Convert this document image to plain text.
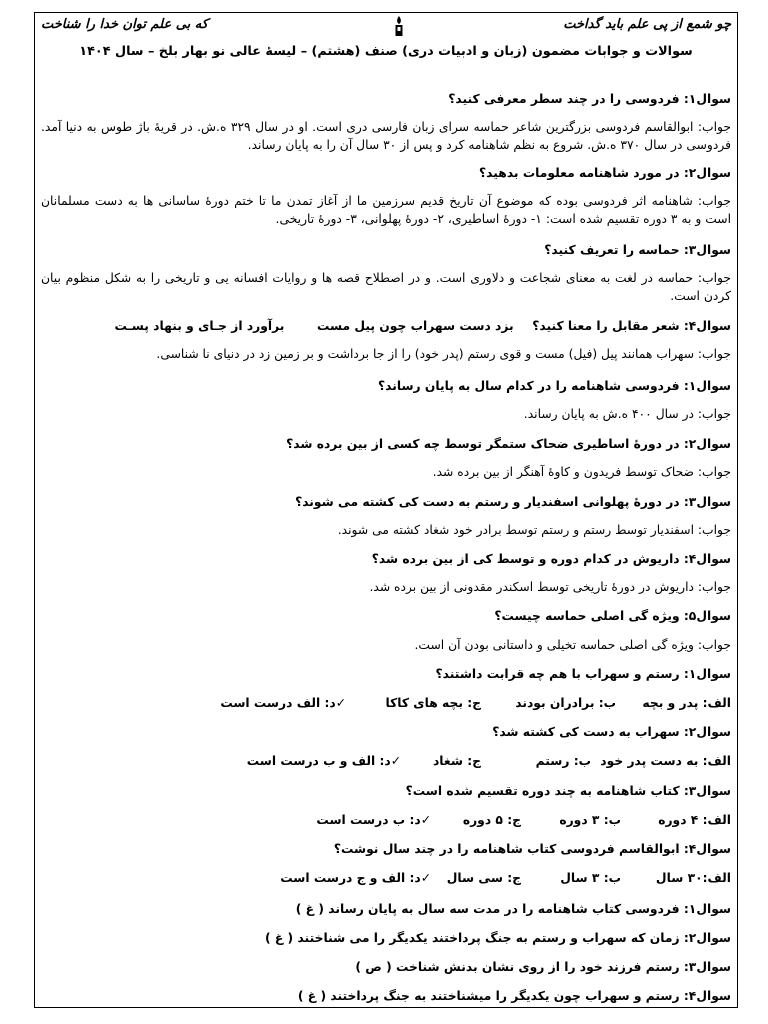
چو شمع از پی علم باید گداخت
که بی علم توان خدا را شناخت
سوالات و جوابات مضمون (زبان و ادبیات دری) صنف (هشتم) – لیسهٔ عالی نو بهار بلخ – سال ۱۴۰۴
سوال۱: فردوسی را در چند سطر معرفی کنید؟
جواب: ابوالقاسم فردوسی بزرگترین شاعر حماسه سرای زبان فارسی دری است. او در سال ۳۲۹ ه.ش. در قریۀ باژ طوس به دنیا آمد. فردوسی در سال ۳۷۰ ه.ش. شروع به نظم شاهنامه کرد و پس از ۳۰ سال آن را به پایان رساند.
سوال۲: در مورد شاهنامه معلومات بدهید؟
جواب: شاهنامه اثر فردوسی بوده که موضوع آن تاریخ قدیم سرزمین ما از آغاز تمدن ما تا ختم دورهٔ ساسانی ها به دست مسلمانان است و به ۳ دوره تقسیم شده است: ۱- دورهٔ اساطیری، ۲- دورهٔ پهلوانی، ۳- دورهٔ تاریخی.
سوال۳: حماسه را تعریف کنید؟
جواب: حماسه در لغت به معنای شجاعت و دلاوری است. و در اصطلاح قصه ها و روایات افسانه یی و تاریخی را به شکل منظوم بیان کردن است.
سوال۴: شعر مقابل را معنا کنید؟  بزد دست سهراب چون پیل مست  برآورد از جـای و بنهاد پسـت
جواب: سهراب همانند پیل (فیل) مست و قوی رستم (پدر خود) را از جا برداشت و بر زمین زد در دنیای نا شناسی.
سوال۱: فردوسی شاهنامه را در کدام سال به پایان رساند؟
جواب: در سال ۴۰۰ ه.ش به پایان رساند.
سوال۲: در دورهٔ اساطیری ضحاک ستمگر توسط چه کسی از بین برده شد؟
جواب: ضحاک توسط فریدون و کاوهٔ آهنگر از بین برده شد.
سوال۳: در دورهٔ پهلوانی اسفندیار و رستم به دست کی کشته می شوند؟
جواب: اسفندیار توسط رستم و رستم توسط برادر خود شغاد کشته می شوند.
سوال۴: داریوش در کدام دوره و توسط کی از بین برده شد؟
جواب: داریوش در دورهٔ تاریخی توسط اسکندر مقدونی از بین برده شد.
سوال۵: ویژه گی اصلی حماسه چیست؟
جواب: ویژه گی اصلی حماسه تخیلی و داستانی بودن آن است.
سوال۱: رستم و سهراب با هم چه قرابت داشتند؟
الف: پدر و بچه
ب: برادران بودند
ج: بچه های کاکا
✓د: الف درست است
سوال۲: سهراب به دست کی کشته شد؟
الف: به دست پدر خود
ب: رستم
ج: شغاد
✓د: الف و ب درست است
سوال۳: کتاب شاهنامه به چند دوره تقسیم شده است؟
الف: ۴ دوره
ب: ۳ دوره
ج: ۵ دوره
✓د: ب درست است
سوال۴: ابوالقاسم فردوسی کتاب شاهنامه را در چند سال نوشت؟
الف:۳۰ سال
ب: ۳ سال
ج: سی سال
✓د: الف و ج درست است
سوال۱: فردوسی کتاب شاهنامه را در مدت سه سال به پایان رساند ( غ )
سوال۲: زمان که سهراب و رستم به جنگ پرداختند یکدیگر را می شناختند ( غ )
سوال۳: رستم فرزند خود را از روی نشان بدنش شناخت ( ص )
سوال۴: رستم و سهراب چون یکدیگر را میشناختند به جنگ پرداختند ( غ )
